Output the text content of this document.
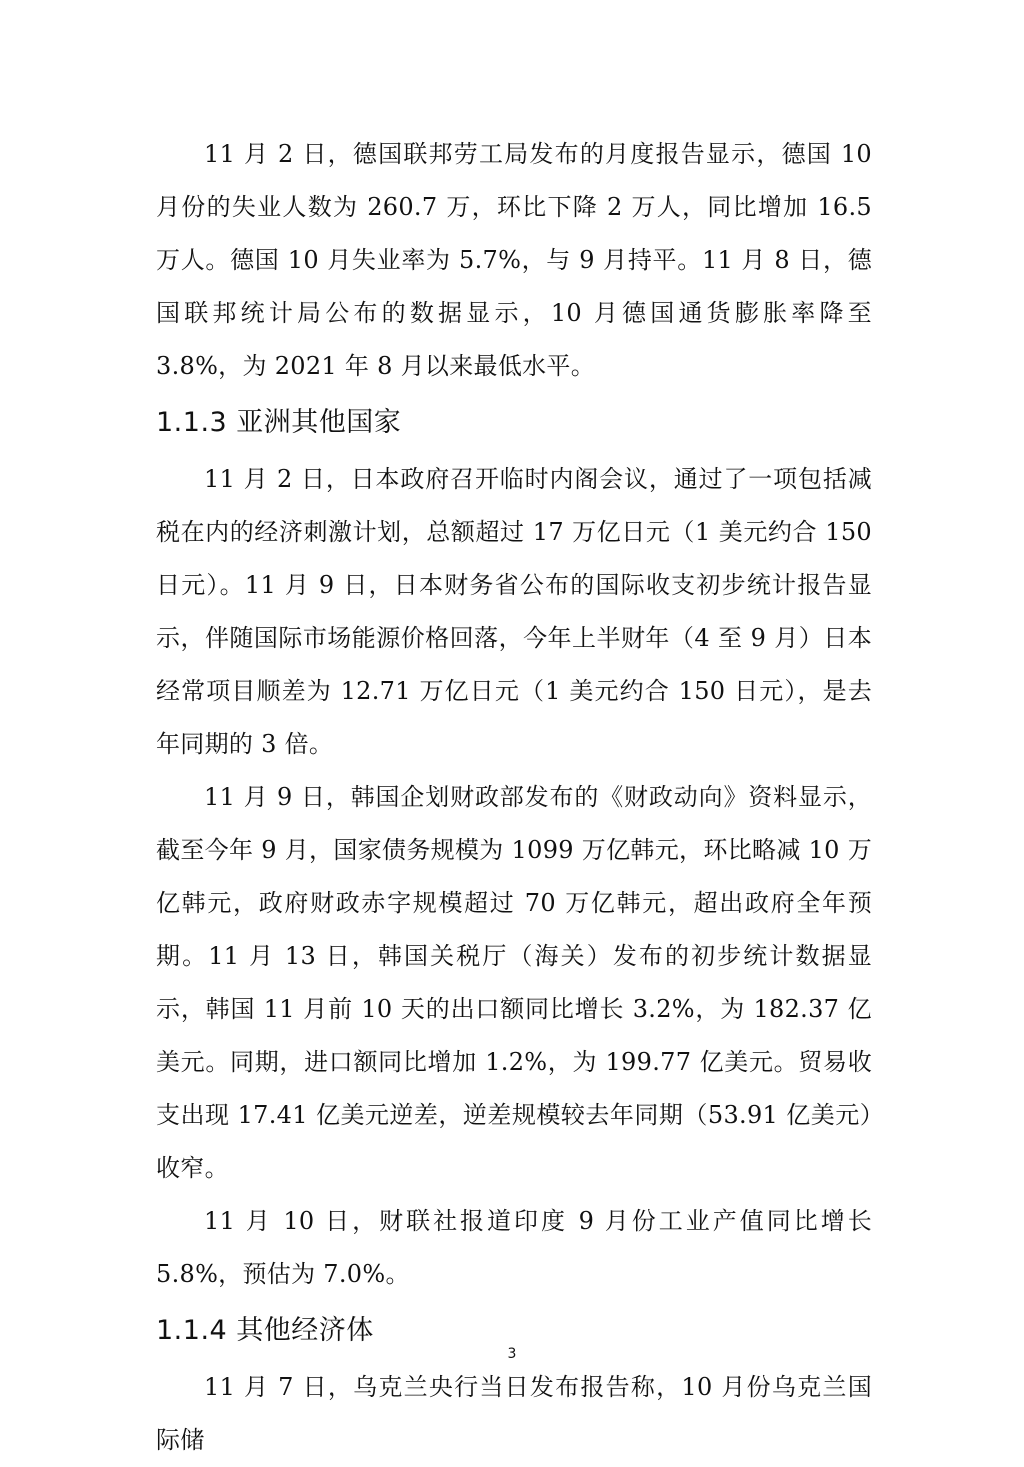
11 月 2 日，德国联邦劳工局发布的月度报告显示，德国 10 月份的失业人数为 260.7 万，环比下降 2 万人，同比增加 16.5 万人。德国 10 月失业率为 5.7%，与 9 月持平。11 月 8 日，德国联邦统计局公布的数据显示，10 月德国通货膨胀率降至 3.8%，为 2021 年 8 月以来最低水平。

1.1.3 亚洲其他国家

11 月 2 日，日本政府召开临时内阁会议，通过了一项包括减税在内的经济刺激计划，总额超过 17 万亿日元（1 美元约合 150 日元）。11 月 9 日，日本财务省公布的国际收支初步统计报告显示，伴随国际市场能源价格回落，今年上半财年（4 至 9 月）日本经常项目顺差为 12.71 万亿日元（1 美元约合 150 日元），是去年同期的 3 倍。

11 月 9 日，韩国企划财政部发布的《财政动向》资料显示，截至今年 9 月，国家债务规模为 1099 万亿韩元，环比略减 10 万亿韩元，政府财政赤字规模超过 70 万亿韩元，超出政府全年预期。11 月 13 日，韩国关税厅（海关）发布的初步统计数据显示，韩国 11 月前 10 天的出口额同比增长 3.2%，为 182.37 亿美元。同期，进口额同比增加 1.2%，为 199.77 亿美元。贸易收支出现 17.41 亿美元逆差，逆差规模较去年同期（53.91 亿美元）收窄。

11 月 10 日，财联社报道印度 9 月份工业产值同比增长 5.8%，预估为 7.0%。

1.1.4 其他经济体

11 月 7 日，乌克兰央行当日发布报告称，10 月份乌克兰国际储

3
